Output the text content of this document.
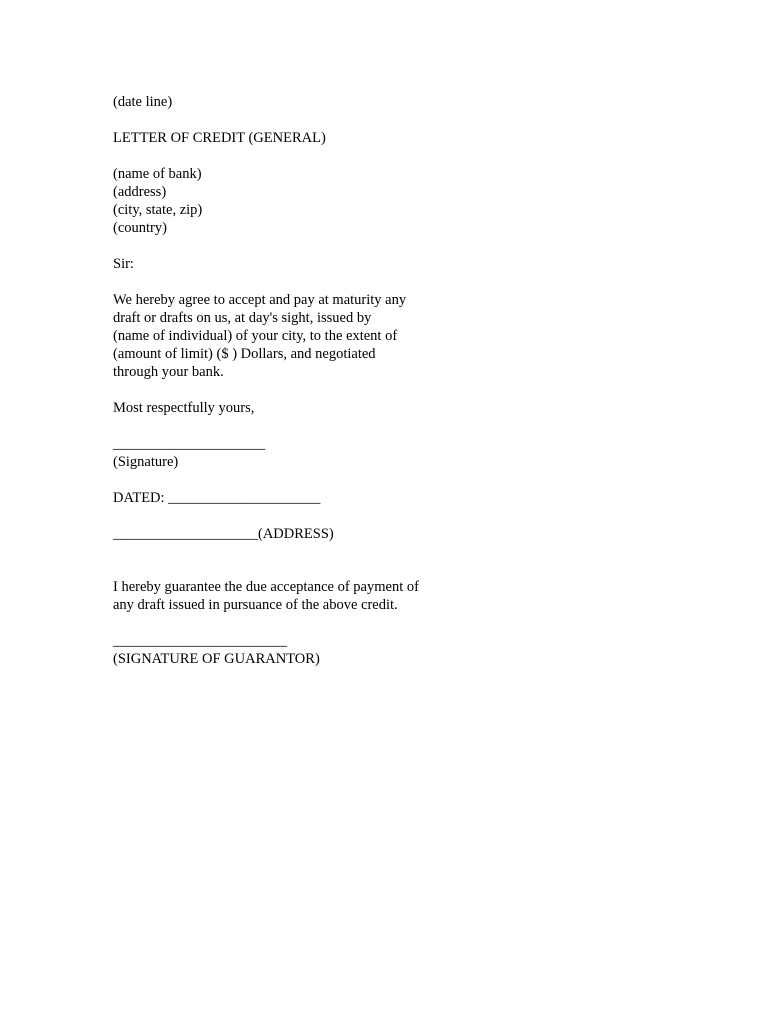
(date line)
LETTER OF CREDIT (GENERAL)
(name of bank)
(address)
(city, state, zip)
(country)
Sir:
We hereby agree to accept and pay at maturity any
draft or drafts on us, at day's sight, issued by
(name of individual) of your city, to the extent of
(amount of limit) ($ ) Dollars, and negotiated
through your bank.
Most respectfully yours,
_____________________
(Signature)
DATED: _____________________
____________________(ADDRESS)
I hereby guarantee the due acceptance of payment of
any draft issued in pursuance of the above credit.
________________________
(SIGNATURE OF GUARANTOR)
